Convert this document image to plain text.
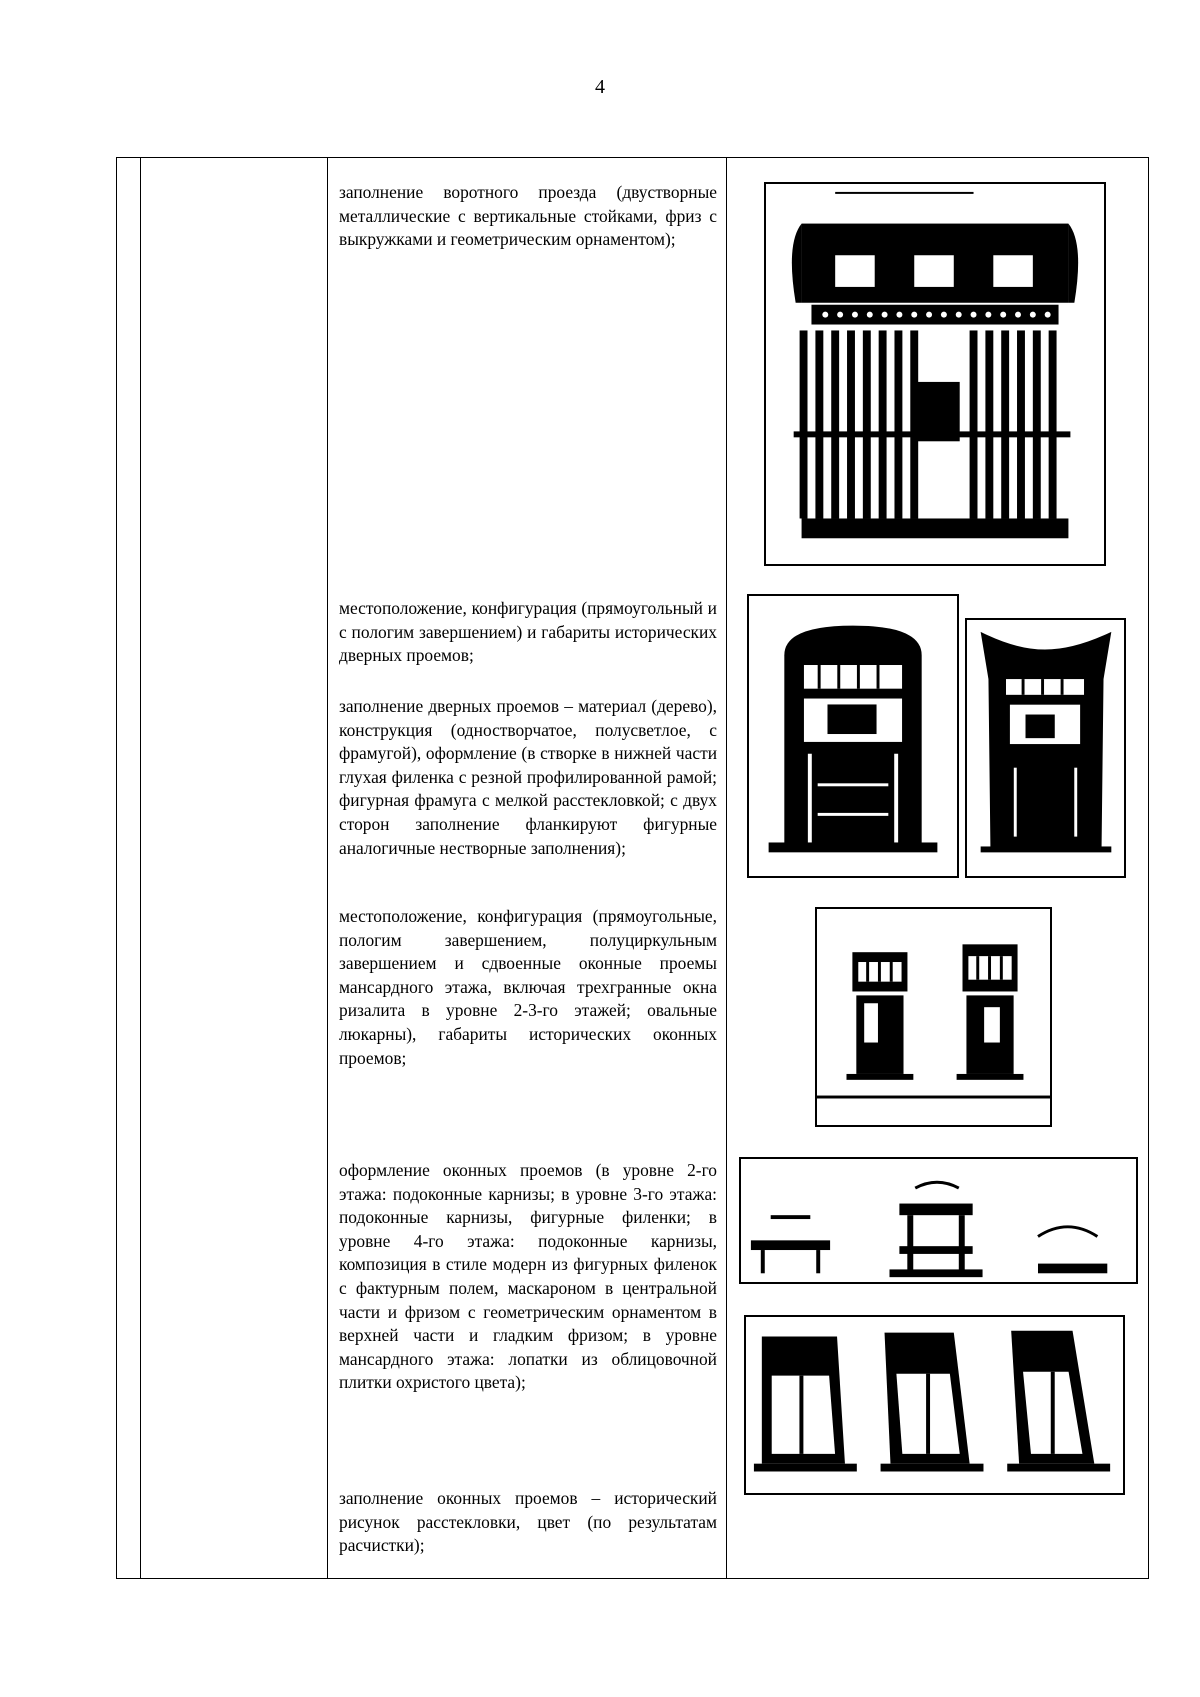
4

заполнение воротного проезда (двустворные металлические с вертикальные стойками, фриз с выкружками и геометрическим орнаментом);

местоположение, конфигурация (прямоугольный и с пологим завершением) и габариты исторических дверных проемов;

заполнение дверных проемов – материал (дерево), конструкция (одностворчатое, полусветлое, с фрамугой), оформление (в створке в нижней части глухая филенка с резной профилированной рамой; фигурная фрамуга с мелкой расстекловкой; с двух сторон заполнение фланкируют фигурные аналогичные нестворные заполнения);

местоположение, конфигурация (прямоугольные, пологим завершением, полуциркульным завершением и сдвоенные оконные проемы мансардного этажа, включая трехгранные окна ризалита в уровне 2-3-го этажей; овальные люкарны), габариты исторических оконных проемов;

оформление оконных проемов (в уровне 2-го этажа: подоконные карнизы; в уровне 3-го этажа: подоконные карнизы, фигурные филенки; в уровне 4-го этажа: подоконные карнизы, композиция в стиле модерн из фигурных филенок с фактурным полем, маскароном в центральной части и фризом с геометрическим орнаментом в верхней части и гладким фризом; в уровне мансардного этажа: лопатки из облицовочной плитки охристого цвета);

заполнение оконных проемов – исторический рисунок расстекловки, цвет (по результатам расчистки);
